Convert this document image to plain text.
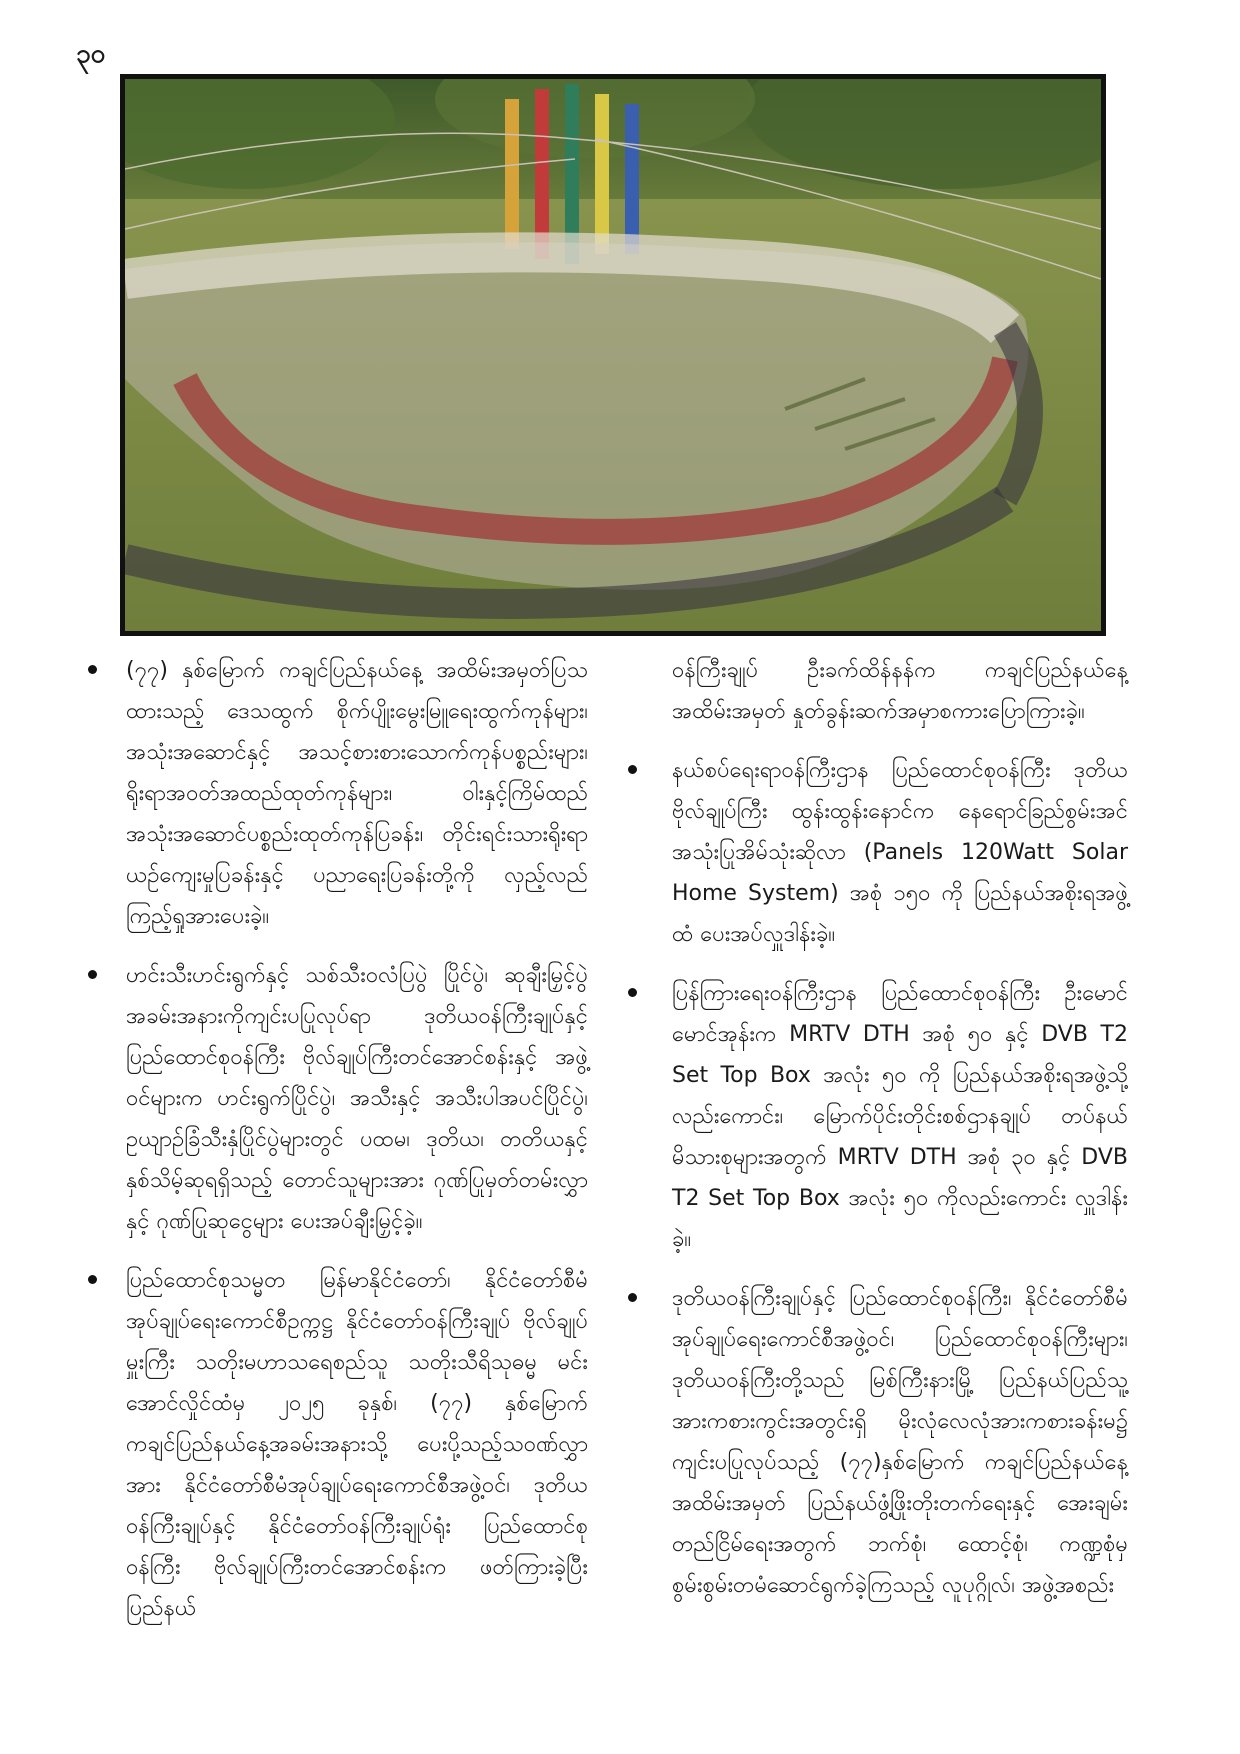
၃၀

(၇၇) နှစ်မြောက် ကချင်ပြည်နယ်နေ့ အထိမ်းအမှတ်ပြသထားသည့် ဒေသထွက် စိုက်ပျိုးမွေးမြူရေးထွက်ကုန်များ၊ အသုံးအဆောင်နှင့် အသင့်စားစားသောက်ကုန်ပစ္စည်းများ၊ ရိုးရာအဝတ်အထည်ထုတ်ကုန်များ၊ ဝါးနှင့်ကြိမ်ထည် အသုံးအဆောင်ပစ္စည်းထုတ်ကုန်ပြခန်း၊ တိုင်းရင်းသားရိုးရာယဉ်ကျေးမှုပြခန်းနှင့် ပညာရေးပြခန်းတို့ကို လှည့်လည်ကြည့်ရှုအားပေးခဲ့။

ဟင်းသီးဟင်းရွက်နှင့် သစ်သီးဝလံပြပွဲ ပြိုင်ပွဲ၊ ဆုချီးမြှင့်ပွဲ အခမ်းအနားကိုကျင်းပပြုလုပ်ရာ ဒုတိယဝန်ကြီးချုပ်နှင့် ပြည်ထောင်စုဝန်ကြီး ဗိုလ်ချုပ်ကြီးတင်အောင်စန်းနှင့် အဖွဲ့ဝင်များက ဟင်းရွက်ပြိုင်ပွဲ၊ အသီးနှင့် အသီးပါအပင်ပြိုင်ပွဲ၊ ဥယျာဉ်ခြံသီးနှံပြိုင်ပွဲများတွင် ပထမ၊ ဒုတိယ၊ တတိယနှင့် နှစ်သိမ့်ဆုရရှိသည့် တောင်သူများအား ဂုဏ်ပြုမှတ်တမ်းလွှာနှင့် ဂုဏ်ပြုဆုငွေများ ပေးအပ်ချီးမြှင့်ခဲ့။

ပြည်ထောင်စုသမ္မတ မြန်မာနိုင်ငံတော်၊ နိုင်ငံတော်စီမံအုပ်ချုပ်ရေးကောင်စီဥက္ကဋ္ဌ နိုင်ငံတော်ဝန်ကြီးချုပ် ဗိုလ်ချုပ်မှူးကြီး သတိုးမဟာသရေစည်သူ သတိုးသီရိသုဓမ္မ မင်းအောင်လှိုင်ထံမှ ၂၀၂၅ ခုနှစ်၊ (၇၇) နှစ်မြောက် ကချင်ပြည်နယ်နေ့အခမ်းအနားသို့ ပေးပို့သည့်သဝဏ်လွှာအား နိုင်ငံတော်စီမံအုပ်ချုပ်ရေးကောင်စီအဖွဲ့ဝင်၊ ဒုတိယဝန်ကြီးချုပ်နှင့် နိုင်ငံတော်ဝန်ကြီးချုပ်ရုံး ပြည်ထောင်စုဝန်ကြီး ဗိုလ်ချုပ်ကြီးတင်အောင်စန်းက ဖတ်ကြားခဲ့ပြီး ပြည်နယ်

ဝန်ကြီးချုပ် ဦးခက်ထိန်နန်က ကချင်ပြည်နယ်နေ့အထိမ်းအမှတ် နှုတ်ခွန်းဆက်အမှာစကားပြောကြားခဲ့။

နယ်စပ်ရေးရာဝန်ကြီးဌာန ပြည်ထောင်စုဝန်ကြီး ဒုတိယဗိုလ်ချုပ်ကြီး ထွန်းထွန်းနောင်က နေရောင်ခြည်စွမ်းအင်အသုံးပြုအိမ်သုံးဆိုလာ (Panels 120Watt Solar Home System) အစုံ ၁၅၀ ကို ပြည်နယ်အစိုးရအဖွဲ့ထံ ပေးအပ်လှူဒါန်းခဲ့။

ပြန်ကြားရေးဝန်ကြီးဌာန ပြည်ထောင်စုဝန်ကြီး ဦးမောင်မောင်အုန်းက MRTV DTH အစုံ ၅၀ နှင့် DVB T2 Set Top Box အလုံး ၅၀ ကို ပြည်နယ်အစိုးရအဖွဲ့သို့လည်းကောင်း၊ မြောက်ပိုင်းတိုင်းစစ်ဌာနချုပ် တပ်နယ်မိသားစုများအတွက် MRTV DTH အစုံ ၃၀ နှင့် DVB T2 Set Top Box အလုံး ၅၀ ကိုလည်းကောင်း လှူဒါန်းခဲ့။

ဒုတိယဝန်ကြီးချုပ်နှင့် ပြည်ထောင်စုဝန်ကြီး၊ နိုင်ငံတော်စီမံအုပ်ချုပ်ရေးကောင်စီအဖွဲ့ဝင်၊ ပြည်ထောင်စုဝန်ကြီးများ၊ ဒုတိယဝန်ကြီးတို့သည် မြစ်ကြီးနားမြို့ ပြည်နယ်ပြည်သူ့အားကစားကွင်းအတွင်းရှိ မိုးလုံလေလုံအားကစားခန်းမ၌ ကျင်းပပြုလုပ်သည့် (၇၇)နှစ်မြောက် ကချင်ပြည်နယ်နေ့အထိမ်းအမှတ် ပြည်နယ်ဖွံ့ဖြိုးတိုးတက်ရေးနှင့် အေးချမ်းတည်ငြိမ်ရေးအတွက် ဘက်စုံ၊ ထောင့်စုံ၊ ကဏ္ဍစုံမှ စွမ်းစွမ်းတမံဆောင်ရွက်ခဲ့ကြသည့် လူပုဂ္ဂိုလ်၊ အဖွဲ့အစည်း
